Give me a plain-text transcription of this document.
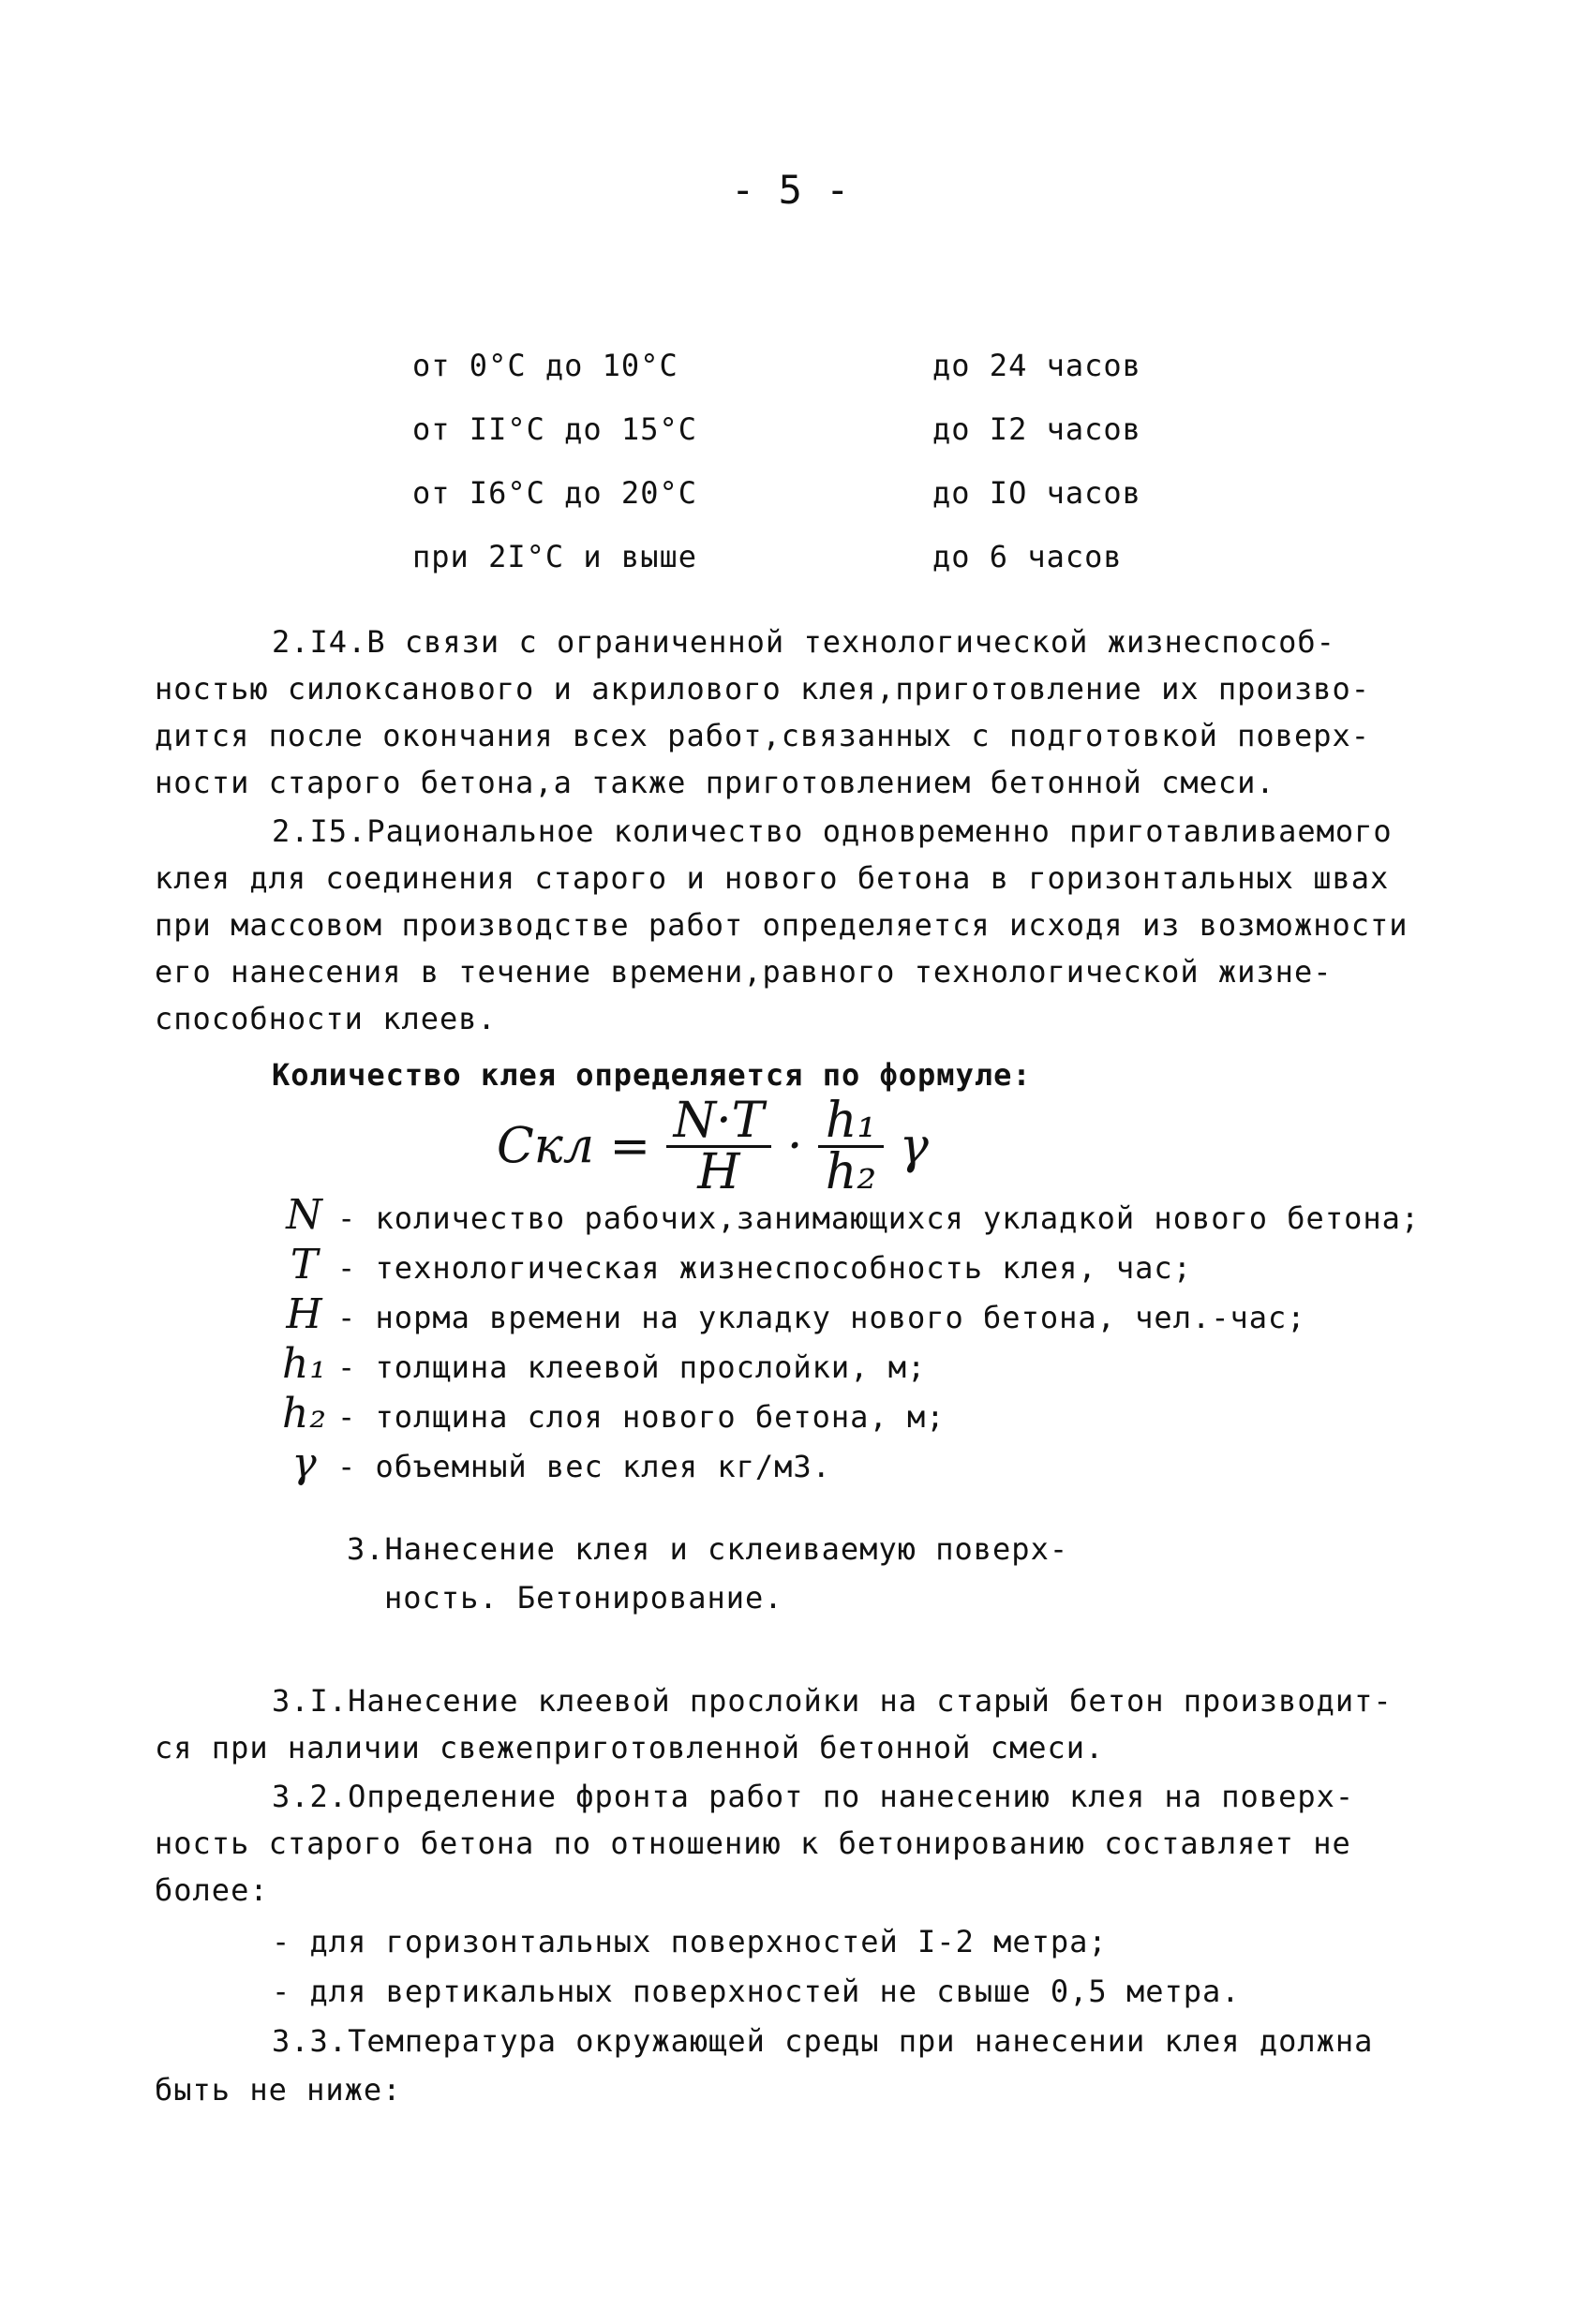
- 5 -
от 0°С до 10°С	до 24 часов
от II°С до 15°С	до I2 часов
от I6°С до 20°С	до IO часов
при 2I°С и выше	до 6 часов
2.I4.В связи с ограниченной технологической жизнеспособ-
ностью силоксанового и акрилового клея,приготовление их произво-
дится после окончания всех работ,связанных с подготовкой поверх-
ности старого бетона,а также приготовлением бетонной смеси.
2.I5.Рациональное количество одновременно приготавливаемого
клея для соединения старого и нового бетона в горизонтальных швах
при массовом производстве работ определяется исходя из возможности
его нанесения в течение времени,равного технологической жизне-
способности клеев.
Количество клея определяется по формуле:
Cкл = $\frac{N\cdot T}{H} \cdot \frac{\text{h₁}}{\text{h₂}}$ γ
N - количество рабочих,занимающихся укладкой нового бетона;
T - технологическая жизнеспособность клея, час;
H - норма времени на укладку нового бетона, чел.-час;
h₁ - толщина клеевой прослойки, м;
h₂ - толщина слоя нового бетона, м;
γ - объемный вес клея кг/м3.
3.Нанесение клея и склеиваемую поверх-
ность. Бетонирование.
3.I.Нанесение клеевой прослойки на старый бетон производит-
ся при наличии свежеприготовленной бетонной смеси.
3.2.Определение фронта работ по нанесению клея на поверх-
ность старого бетона по отношению к бетонированию составляет не
более:
- для горизонтальных поверхностей I-2 метра;
- для вертикальных поверхностей не свыше 0,5 метра.
3.3.Температура окружающей среды при нанесении клея должна
быть не ниже:
